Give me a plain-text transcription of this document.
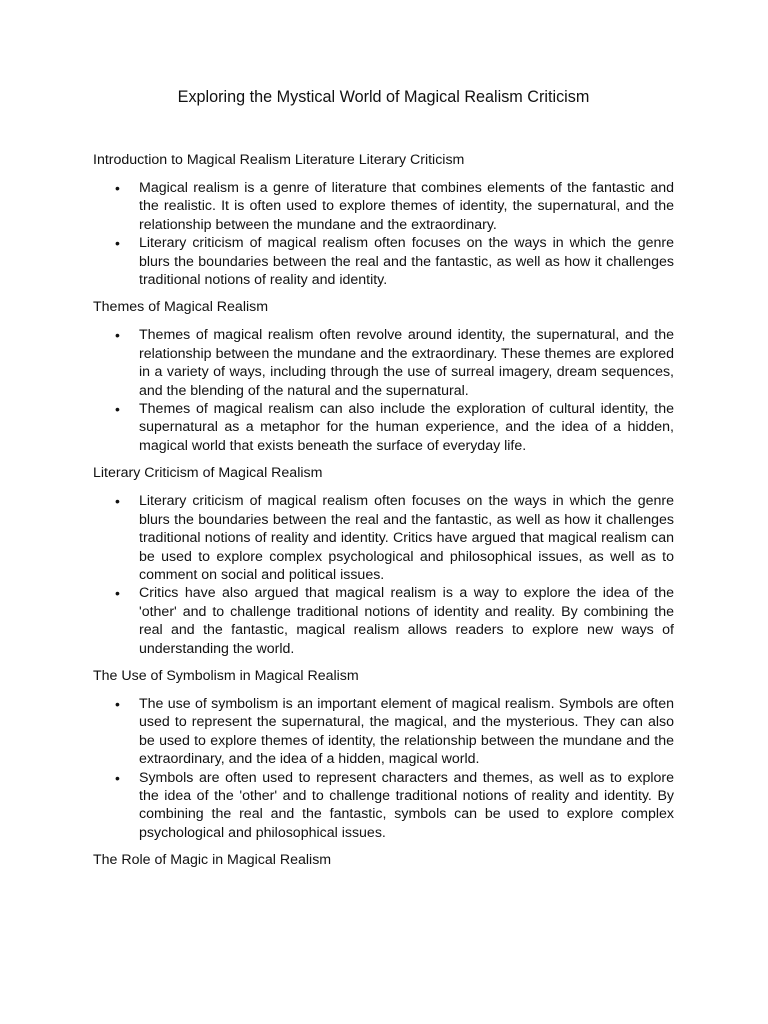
Exploring the Mystical World of Magical Realism Criticism

Introduction to Magical Realism Literature Literary Criticism

• Magical realism is a genre of literature that combines elements of the fantastic and the realistic. It is often used to explore themes of identity, the supernatural, and the relationship between the mundane and the extraordinary.
• Literary criticism of magical realism often focuses on the ways in which the genre blurs the boundaries between the real and the fantastic, as well as how it challenges traditional notions of reality and identity.

Themes of Magical Realism

• Themes of magical realism often revolve around identity, the supernatural, and the relationship between the mundane and the extraordinary. These themes are explored in a variety of ways, including through the use of surreal imagery, dream sequences, and the blending of the natural and the supernatural.
• Themes of magical realism can also include the exploration of cultural identity, the supernatural as a metaphor for the human experience, and the idea of a hidden, magical world that exists beneath the surface of everyday life.

Literary Criticism of Magical Realism

• Literary criticism of magical realism often focuses on the ways in which the genre blurs the boundaries between the real and the fantastic, as well as how it challenges traditional notions of reality and identity. Critics have argued that magical realism can be used to explore complex psychological and philosophical issues, as well as to comment on social and political issues.
• Critics have also argued that magical realism is a way to explore the idea of the 'other' and to challenge traditional notions of identity and reality. By combining the real and the fantastic, magical realism allows readers to explore new ways of understanding the world.

The Use of Symbolism in Magical Realism

• The use of symbolism is an important element of magical realism. Symbols are often used to represent the supernatural, the magical, and the mysterious. They can also be used to explore themes of identity, the relationship between the mundane and the extraordinary, and the idea of a hidden, magical world.
• Symbols are often used to represent characters and themes, as well as to explore the idea of the 'other' and to challenge traditional notions of reality and identity. By combining the real and the fantastic, symbols can be used to explore complex psychological and philosophical issues.

The Role of Magic in Magical Realism
